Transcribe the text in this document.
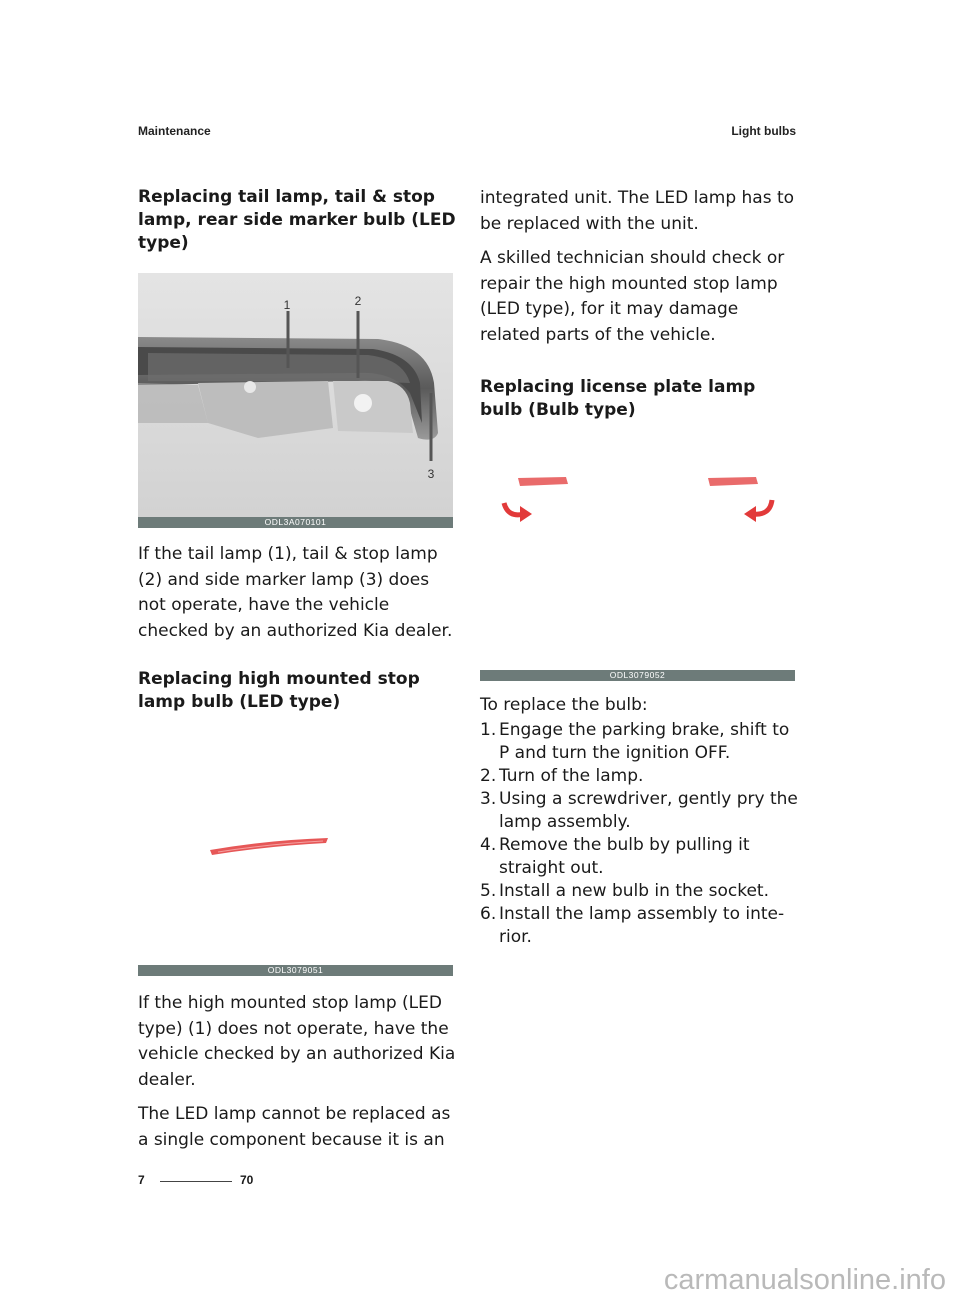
Maintenance	Light bulbs
Replacing tail lamp, tail & stop lamp, rear side marker bulb (LED type)
1	2
3
ODL3A070101

If the tail lamp (1), tail & stop lamp (2) and side marker lamp (3) does not operate, have the vehicle checked by an authorized Kia dealer.

Replacing high mounted stop lamp bulb (LED type)
ODL3079051

If the high mounted stop lamp (LED type) (1) does not operate, have the vehicle checked by an authorized Kia dealer.

The LED lamp cannot be replaced as a single component because it is an

integrated unit. The LED lamp has to be replaced with the unit.

A skilled technician should check or repair the high mounted stop lamp (LED type), for it may damage related parts of the vehicle.

Replacing license plate lamp bulb (Bulb type)
ODL3079052

To replace the bulb:

1. Engage the parking brake, shift to P and turn the ignition OFF.
2. Turn of the lamp.
3. Using a screwdriver, gently pry the lamp assembly.
4. Remove the bulb by pulling it straight out.
5. Install a new bulb in the socket.
6. Install the lamp assembly to inte- rior.
7	70
carmanualsonline.info
